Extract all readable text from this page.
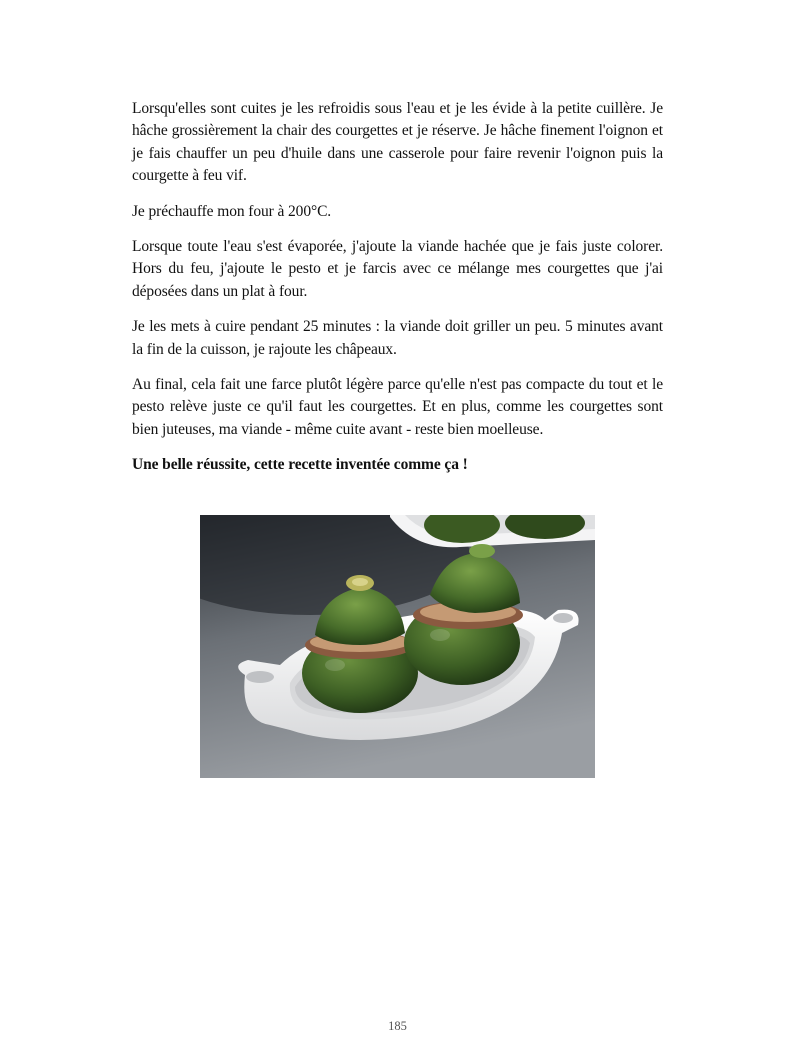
Lorsqu'elles sont cuites je les refroidis sous l'eau et je les évide à la petite cuillère. Je hâche grossièrement la chair des courgettes et je réserve. Je hâche finement l'oignon et je fais chauffer un peu d'huile dans une casserole pour faire revenir l'oignon puis la courgette à feu vif.

Je préchauffe mon four à 200°C.

Lorsque toute l'eau s'est évaporée, j'ajoute la viande hachée que je fais juste colorer. Hors du feu, j'ajoute le pesto et je farcis avec ce mélange mes courgettes que j'ai déposées dans un plat à four.

Je les mets à cuire pendant 25 minutes : la viande doit griller un peu. 5 minutes avant la fin de la cuisson, je rajoute les châpeaux.

Au final, cela fait une farce plutôt légère parce qu'elle n'est pas compacte du tout et le pesto relève juste ce qu'il faut les courgettes. Et en plus, comme les courgettes sont bien juteuses, ma viande - même cuite avant - reste bien moelleuse.

Une belle réussite, cette recette inventée comme ça !

185
